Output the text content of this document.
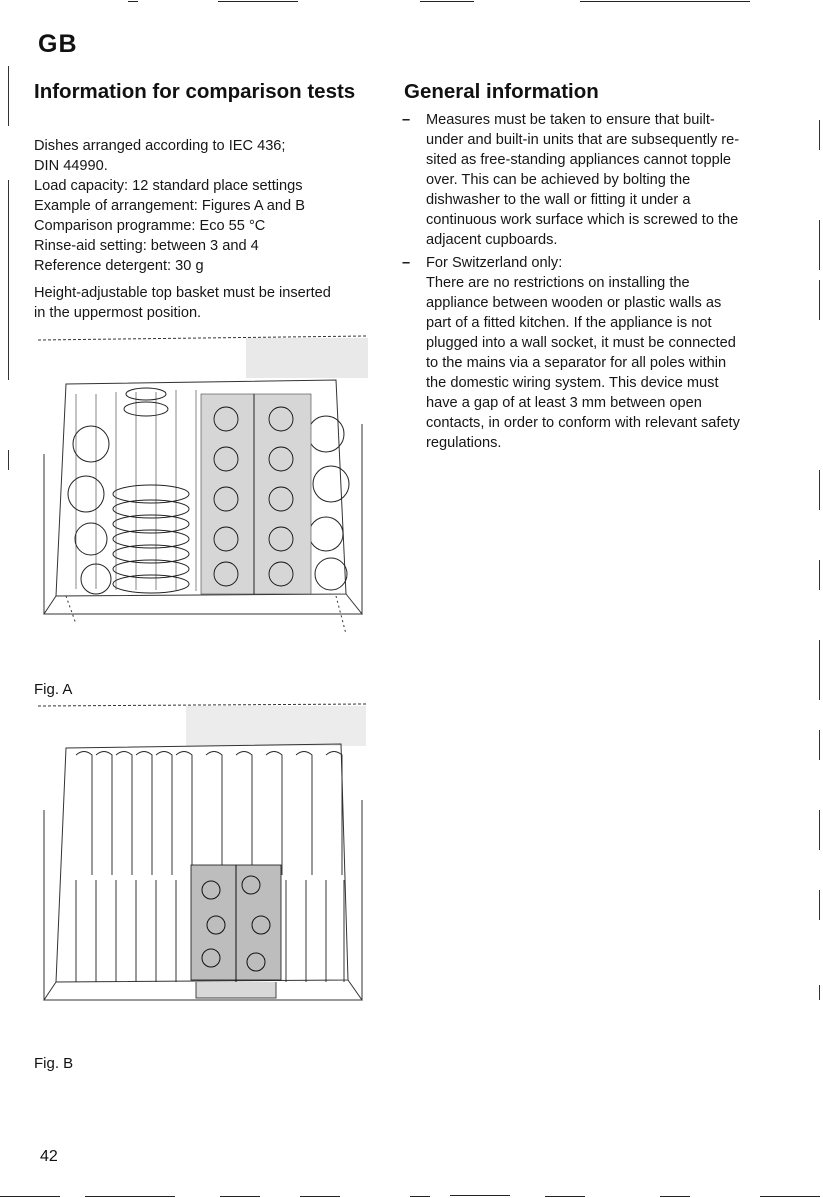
GB
Information for comparison tests

Dishes arranged according to IEC 436;

DIN 44990.

Load capacity: 12 standard place settings

Example of arrangement: Figures A and B

Comparison programme: Eco 55 °C

Rinse-aid setting: between 3 and 4

Reference detergent: 30 g

Height-adjustable top basket must be inserted in the uppermost position.

General information
– Measures must be taken to ensure that built-under and built-in units that are subsequently re-sited as free-standing appliances cannot topple over. This can be achieved by bolting the dishwasher to the wall or fitting it under a continuous work surface which is screwed to the adjacent cupboards.
– For Switzerland only:
There are no restrictions on installing the appliance between wooden or plastic walls as part of a fitted kitchen. If the appliance is not plugged into a wall socket, it must be connected to the mains via a separator for all poles within the domestic wiring system. This device must have a gap of at least 3 mm between open contacts, in order to conform with relevant safety regulations.
Fig. A
Fig. B
42
